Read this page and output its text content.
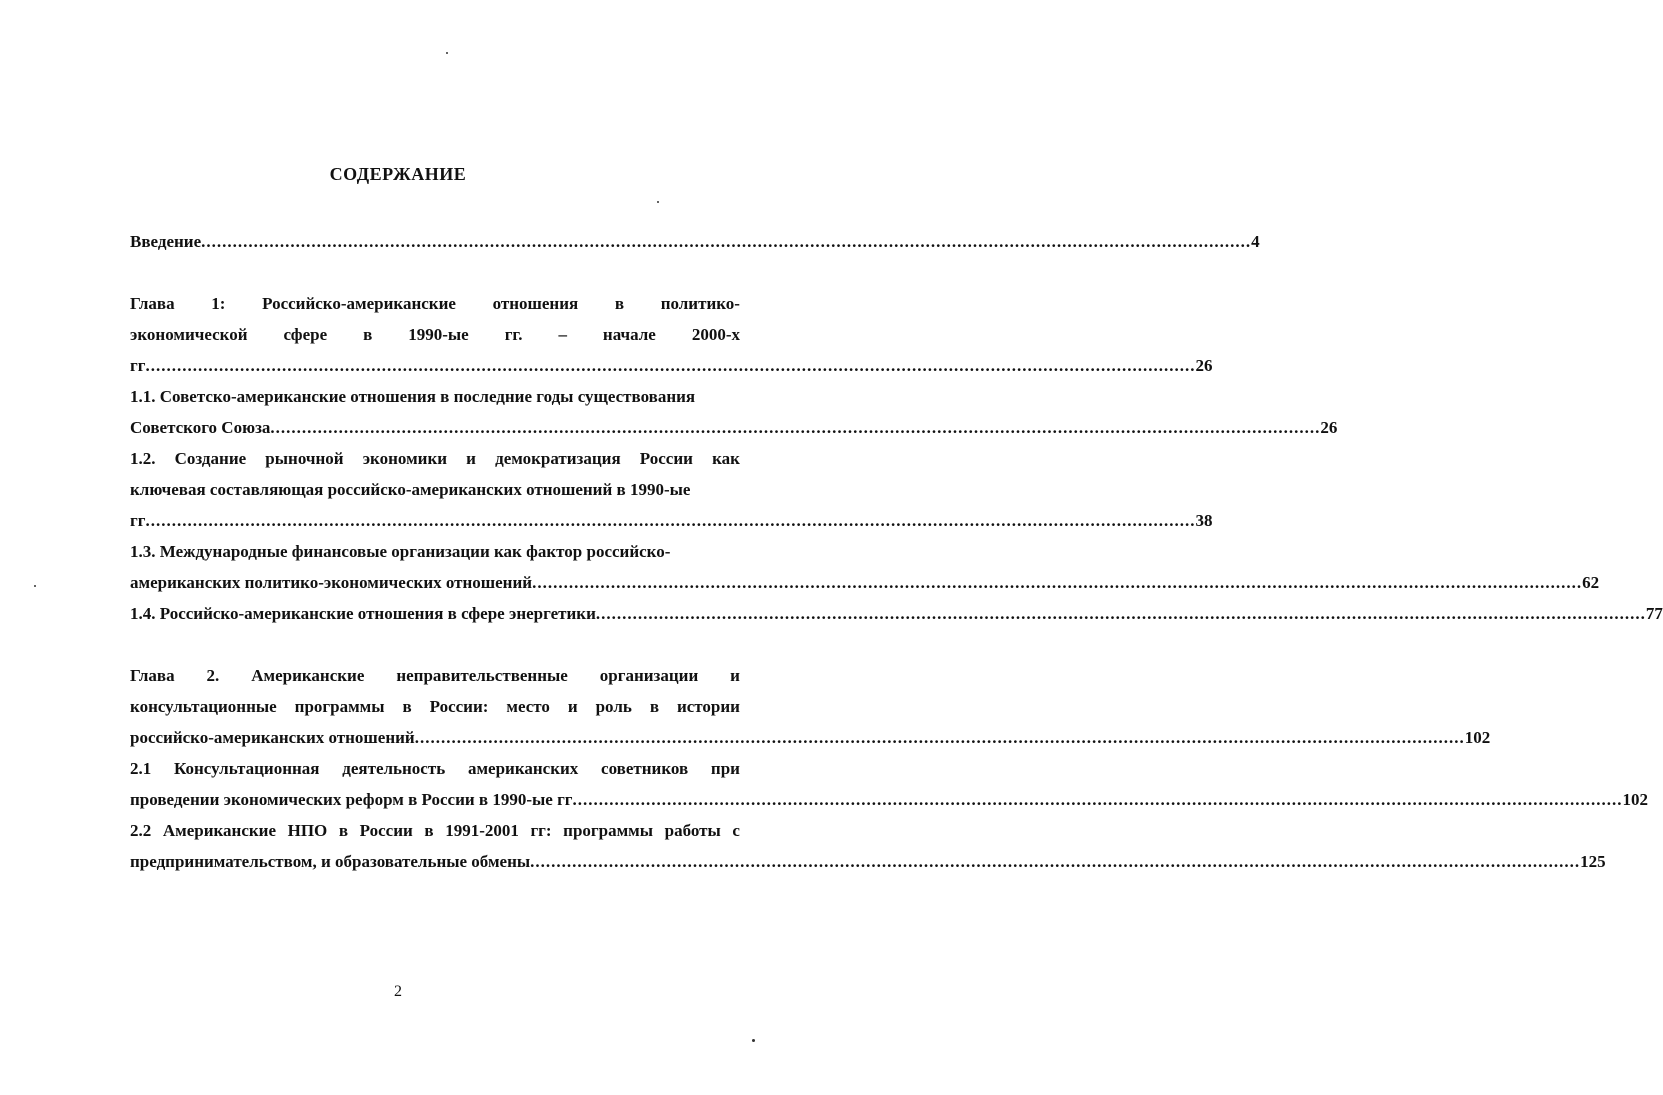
СОДЕРЖАНИЕ
Введение ........................................................................................................................................................................................................ 4
Глава 1: Российско-американские отношения в политико-
экономической сфере в 1990-ые гг. – начале 2000-х
гг ........................................................................................................................................................................................................ 26
1.1. Советско-американские отношения в последние годы существования
Советского Союза ........................................................................................................................................................................................................ 26
1.2. Создание рыночной экономики и демократизация России как
ключевая составляющая российско-американских отношений в 1990-ые
гг ........................................................................................................................................................................................................ 38
1.3. Международные финансовые организации как фактор российско-
американских политико-экономических отношений ........................................................................................................................................................................................................ 62
1.4. Российско-американские отношения в сфере энергетики ........................................................................................................................................................................................................ 77
Глава 2. Американские неправительственные организации и
консультационные программы в России: место и роль в истории
российско-американских отношений ........................................................................................................................................................................................................ 102
2.1 Консультационная деятельность американских советников при
проведении экономических реформ в России в 1990-ые гг ........................................................................................................................................................................................................ 102
2.2 Американские НПО в России в 1991-2001 гг: программы работы с
предпринимательством, и образовательные обмены ........................................................................................................................................................................................................ 125
2
